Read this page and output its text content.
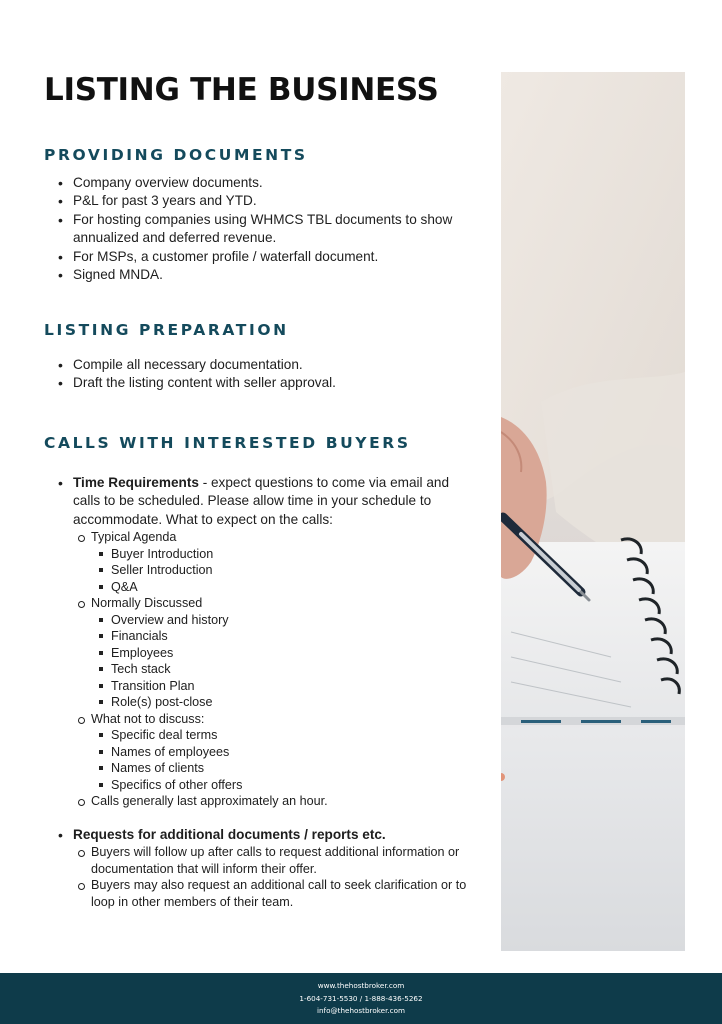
LISTING THE BUSINESS
PROVIDING DOCUMENTS
• Company overview documents.
• P&L for past 3 years and YTD.
• For hosting companies using WHMCS TBL documents to show annualized and deferred revenue.
• For MSPs, a customer profile / waterfall document.
• Signed MNDA.
LISTING PREPARATION
• Compile all necessary documentation.
• Draft the listing content with seller approval.
CALLS WITH INTERESTED BUYERS
• Time Requirements - expect questions to come via email and calls to be scheduled. Please allow time in your schedule to accommodate. What to expect on the calls:
Typical Agenda
Buyer Introduction
Seller Introduction
Q&A
Normally Discussed
Overview and history
Financials
Employees
Tech stack
Transition Plan
Role(s) post-close
What not to discuss:
Specific deal terms
Names of employees
Names of clients
Specifics of other offers
Calls generally last approximately an hour.
• Requests for additional documents / reports etc.
Buyers will follow up after calls to request additional information or documentation that will inform their offer.
Buyers may also request an additional call to seek clarification or to loop in other members of their team.
www.thehostbroker.com
1-604-731-5530 / 1-888-436-5262
info@thehostbroker.com
